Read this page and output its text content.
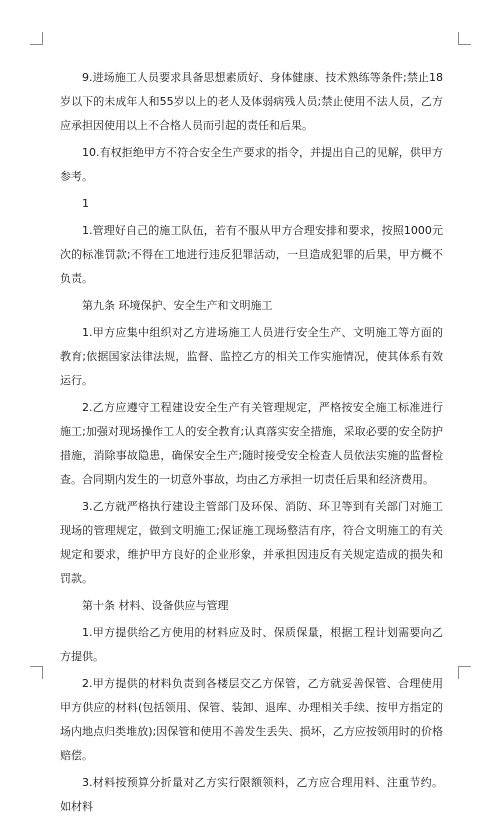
9.进场施工人员要求具备思想素质好、身体健康、技术熟练等条件;禁止18岁以下的未成年人和55岁以上的老人及体弱病残人员;禁止使用不法人员，乙方应承担因使用以上不合格人员而引起的责任和后果。

10.有权拒绝甲方不符合安全生产要求的指令，并提出自己的见解，供甲方参考。

1

1.管理好自己的施工队伍，若有不服从甲方合理安排和要求，按照1000元次的标准罚款;不得在工地进行违反犯罪活动，一旦造成犯罪的后果，甲方概不负责。

第九条 环境保护、安全生产和文明施工

1.甲方应集中组织对乙方进场施工人员进行安全生产、文明施工等方面的教育;依据国家法律法规，监督、监控乙方的相关工作实施情况，使其体系有效运行。

2.乙方应遵守工程建设安全生产有关管理规定，严格按安全施工标准进行施工;加强对现场操作工人的安全教育;认真落实安全措施，采取必要的安全防护措施，消除事故隐患，确保安全生产;随时接受安全检查人员依法实施的监督检查。合同期内发生的一切意外事故，均由乙方承担一切责任后果和经济费用。

3.乙方就严格执行建设主管部门及环保、消防、环卫等到有关部门对施工现场的管理规定，做到文明施工;保证施工现场整洁有序，符合文明施工的有关规定和要求，维护甲方良好的企业形象，并承担因违反有关规定造成的损失和罚款。

第十条 材料、设备供应与管理

1.甲方提供给乙方使用的材料应及时、保质保量，根据工程计划需要向乙方提供。

2.甲方提供的材料负责到各楼层交乙方保管，乙方就妥善保管、合理使用甲方供应的材料(包括领用、保管、装卸、退库、办理相关手续、按甲方指定的场内地点归类堆放);因保管和使用不善发生丢失、损坏，乙方应按领用时的价格赔偿。

3.材料按预算分折量对乙方实行限额领料，乙方应合理用料、注重节约。如材料
